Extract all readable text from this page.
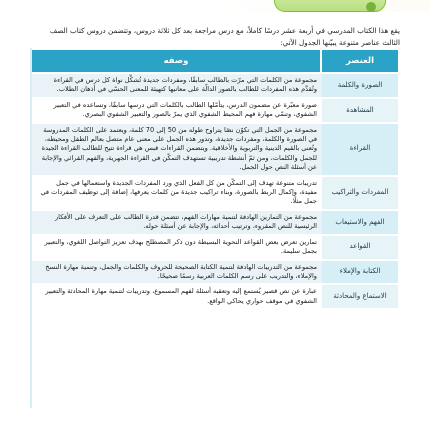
يقع هذا الكتاب المدرسي في أربعة عشر درسًا كاملاً، مع درس مراجعة بعد كل ثلاثة دروس، وتتضمن دروس كتاب الصف الثالث عناصر متنوعة يبيّنها الجدول الآتي:

العنصر	وصفه
الصورة والكلمة	مجموعة من الكلمات التي مرّت بالطالب سابقًا، ومفردات جديدة تُشكِّل نواة كل درس في القراءة وتُقدَّم هذه المفردات للطالب بالصور الدالّة على معانيها كتهيئة للمعنى الحسّي في أذهان الطلاب.
المشاهدة	صورة معبّرة عن مضمون الدرس، يتأمّلها الطالب بالكلمات التي درسها سابقًا، وتساعده في التعبير الشفوي، وتنمّي مهارة فهم المحيط الشفوي الذي يمرّ بالصور والتعبير الشفوي البصري.
القراءة	مجموعة من الجمل التي تكوّن نصًا يتراوح طوله من 50 إلى 70 كلمة، ويعتمد على الكلمات المدروسة في الصورة والكلمة، ومفردات جديدة، وتدور هذه الجمل على معنى عام متصل بعالم الطفل ومحيطه، وتُعنى بالقيم الدينية والتربوية والأخلاقية. ويتضمن القراءات قبس هي قراءة تتيح للطالب القراءة الجيدة للجمل والكلمات، ومن ثمّ أنشطة تدريبية تستهدف التمكّن في القراءة الجهرية، والفهم القرائي والإجابة عن أسئلة النص حول الجمل.
المفردات والتراكيب	تدريبات متنوعة تهدف إلى التمكّن من كل الفعل الذي ورد المفردات الجديدة واستعمالها في جمل مفيدة، وإكمال الربط بالصورة، وبناء تراكيب جديدة من كلمات يعرفها، إضافة إلى توظيف المفردات في جمل مثلًا.
الفهم والاستيعاب	مجموعة من التمارين الهادفة لتنمية مهارات الفهم، تتضمن قدرة الطالب على التعرف على الأفكار الرئيسية للنص المقروء، وترتيب أحداثه، والإجابة عن أسئلة حوله.
القواعد	تمارين تعرض بعض القواعد النحوية البسيطة دون ذكر المصطلح بهدف تعزيز التواصل اللغوي، والتعبير بجمل سليمة.
الكتابة والإملاء	مجموعة من التدريبات الهادفة لتنمية الكتابة الصحيحة للحروف والكلمات والجمل، وتنمية مهارة النسخ والإملاء، والتدريب على رسم الكلمات العربية رسمًا صحيحًا.
الاستماع والمحادثة	عبارة عن نص قصير يُستمع إليه وتعقبه أسئلة لفهم المسموع، وتدريبات لتنمية مهارة المحادثة والتعبير الشفوي في موقف حواري يحاكي الواقع.
